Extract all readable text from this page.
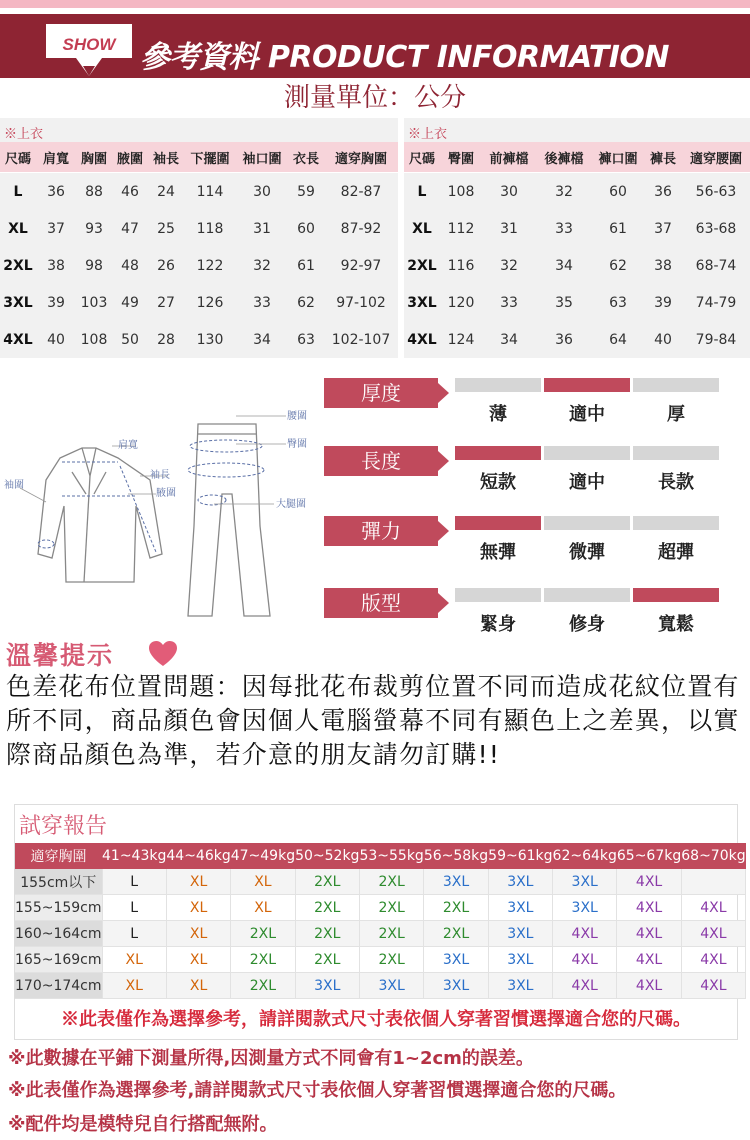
SHOW 參考資料 PRODUCT INFORMATION
測量單位：公分
※上衣
尺碼	肩寬	胸圍	腋圍	袖長	下擺圍	袖口圍	衣長	適穿胸圍
L	36	88	46	24	114	30	59	82-87
XL	37	93	47	25	118	31	60	87-92
2XL	38	98	48	26	122	32	61	92-97
3XL	39	103	49	27	126	33	62	97-102
4XL	40	108	50	28	130	34	63	102-107
※上衣
尺碼	臀圍	前褲檔	後褲檔	褲口圍	褲長	適穿腰圍
L	108	30	32	60	36	56-63
XL	112	31	33	61	37	63-68
2XL	116	32	34	62	38	68-74
3XL	120	33	35	63	39	74-79
4XL	124	34	36	64	40	79-84
腰圍
臀圍
肩寬
袖長
腋圍
袖圍
大腿圍
厚度
薄	適中	厚
長度
短款	適中	長款
彈力
無彈	微彈	超彈
版型
緊身	修身	寬鬆
溫馨提示
色差花布位置問題：因每批花布裁剪位置不同而造成花紋位置有所不同，商品顏色會因個人電腦螢幕不同有顯色上之差異，以實際商品顏色為準，若介意的朋友請勿訂購!!
試穿報告
適穿胸圍	41~43kg	44~46kg	47~49kg	50~52kg	53~55kg	56~58kg	59~61kg	62~64kg	65~67kg	68~70kg
155cm以下	L	XL	XL	2XL	2XL	3XL	3XL	3XL	4XL	
155~159cm	L	XL	XL	2XL	2XL	2XL	3XL	3XL	4XL	4XL
160~164cm	L	XL	2XL	2XL	2XL	2XL	3XL	4XL	4XL	4XL
165~169cm	XL	XL	2XL	2XL	2XL	3XL	3XL	4XL	4XL	4XL
170~174cm	XL	XL	2XL	3XL	3XL	3XL	3XL	4XL	4XL	4XL
※此表僅作為選擇參考，請詳閱款式尺寸表依個人穿著習慣選擇適合您的尺碼。
※此數據在平鋪下測量所得,因測量方式不同會有1~2cm的誤差。
※此表僅作為選擇參考,請詳閱款式尺寸表依個人穿著習慣選擇適合您的尺碼。
※配件均是模特兒自行搭配無附。
